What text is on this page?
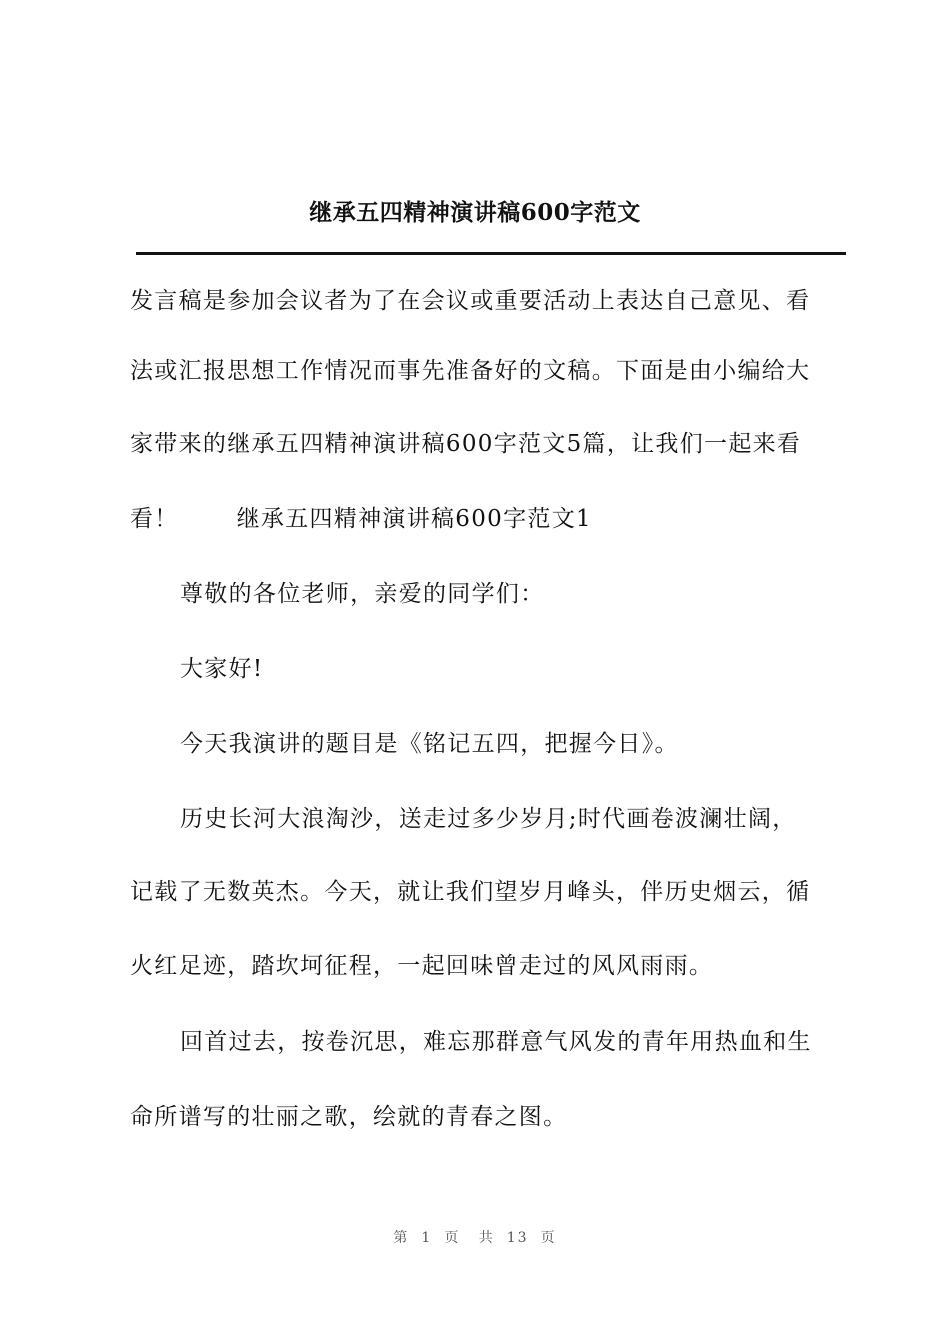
继承五四精神演讲稿600字范文
发言稿是参加会议者为了在会议或重要活动上表达自己意见、看
法或汇报思想工作情况而事先准备好的文稿。下面是由小编给大
家带来的继承五四精神演讲稿600字范文5篇，让我们一起来看
看！	继承五四精神演讲稿600字范文1
尊敬的各位老师，亲爱的同学们：
大家好!
今天我演讲的题目是《铭记五四，把握今日》。
历史长河大浪淘沙，送走过多少岁月;时代画卷波澜壮阔，
记载了无数英杰。今天，就让我们望岁月峰头，伴历史烟云，循
火红足迹，踏坎坷征程，一起回味曾走过的风风雨雨。
回首过去，按卷沉思，难忘那群意气风发的青年用热血和生
命所谱写的壮丽之歌，绘就的青春之图。
第 1 页 共 13 页
